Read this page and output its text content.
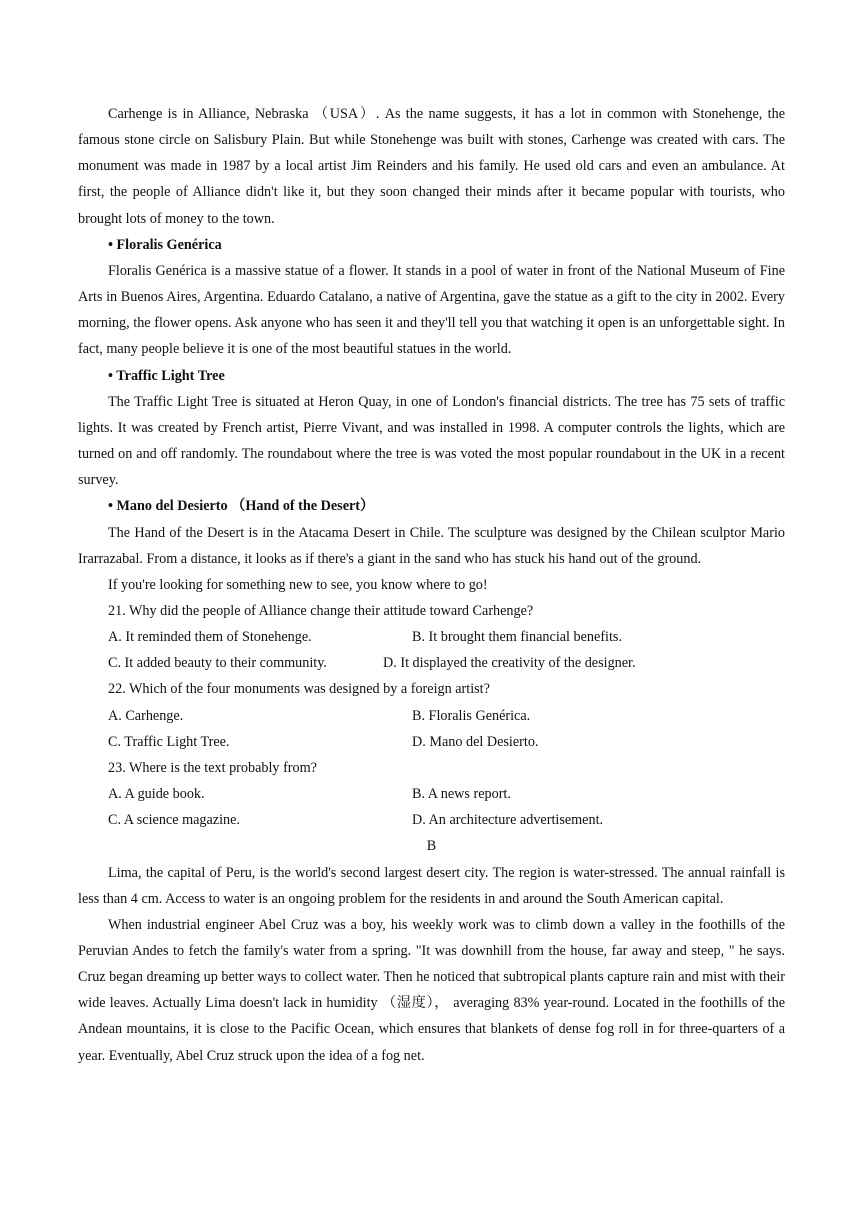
Carhenge is in Alliance, Nebraska （USA）. As the name suggests, it has a lot in common with Stonehenge, the famous stone circle on Salisbury Plain. But while Stonehenge was built with stones, Carhenge was created with cars. The monument was made in 1987 by a local artist Jim Reinders and his family. He used old cars and even an ambulance. At first, the people of Alliance didn't like it, but they soon changed their minds after it became popular with tourists, who brought lots of money to the town.

• Floralis Genérica

Floralis Genérica is a massive statue of a flower. It stands in a pool of water in front of the National Museum of Fine Arts in Buenos Aires, Argentina. Eduardo Catalano, a native of Argentina, gave the statue as a gift to the city in 2002. Every morning, the flower opens. Ask anyone who has seen it and they'll tell you that watching it open is an unforgettable sight. In fact, many people believe it is one of the most beautiful statues in the world.

• Traffic Light Tree

The Traffic Light Tree is situated at Heron Quay, in one of London's financial districts. The tree has 75 sets of traffic lights. It was created by French artist, Pierre Vivant, and was installed in 1998. A computer controls the lights, which are turned on and off randomly. The roundabout where the tree is was voted the most popular roundabout in the UK in a recent survey.

• Mano del Desierto （Hand of the Desert）

The Hand of the Desert is in the Atacama Desert in Chile. The sculpture was designed by the Chilean sculptor Mario Irarrazabal. From a distance, it looks as if there's a giant in the sand who has stuck his hand out of the ground.

If you're looking for something new to see, you know where to go!

21. Why did the people of Alliance change their attitude toward Carhenge?

A. It reminded them of Stonehenge.	B. It brought them financial benefits.
C. It added beauty to their community.	D. It displayed the creativity of the designer.

22. Which of the four monuments was designed by a foreign artist?

A. Carhenge.	B. Floralis Genérica.
C. Traffic Light Tree.	D. Mano del Desierto.

23. Where is the text probably from?

A. A guide book.	B. A news report.
C. A science magazine.	D. An architecture advertisement.

B

Lima, the capital of Peru, is the world's second largest desert city. The region is water-stressed. The annual rainfall is less than 4 cm. Access to water is an ongoing problem for the residents in and around the South American capital.

When industrial engineer Abel Cruz was a boy, his weekly work was to climb down a valley in the foothills of the Peruvian Andes to fetch the family's water from a spring. "It was downhill from the house, far away and steep, " he says. Cruz began dreaming up better ways to collect water. Then he noticed that subtropical plants capture rain and mist with their wide leaves. Actually Lima doesn't lack in humidity （湿度）， averaging 83% year-round. Located in the foothills of the Andean mountains, it is close to the Pacific Ocean, which ensures that blankets of dense fog roll in for three-quarters of a year. Eventually, Abel Cruz struck upon the idea of a fog net.
